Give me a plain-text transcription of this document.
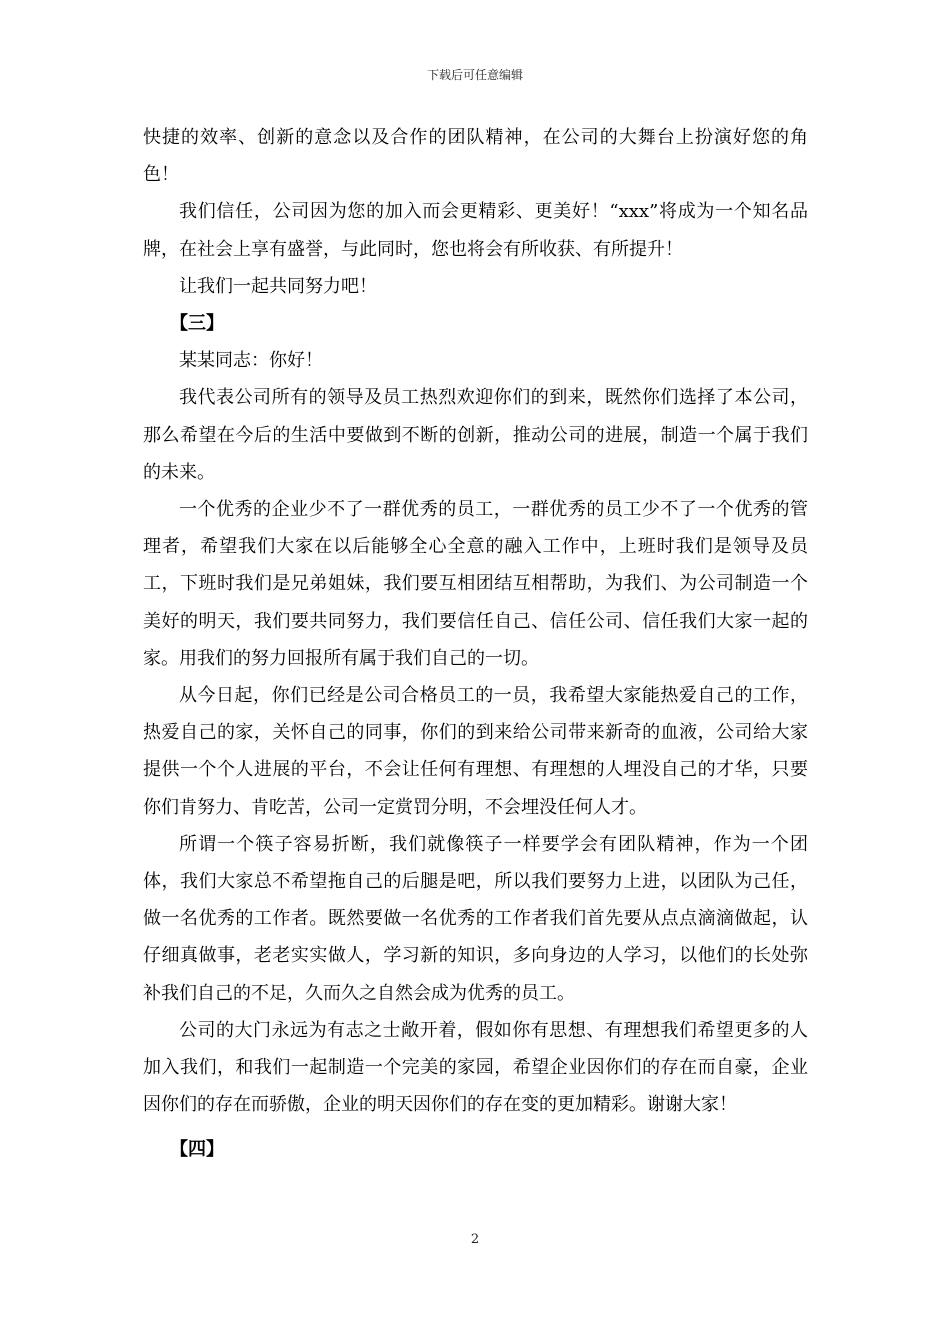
下载后可任意编辑

快捷的效率、创新的意念以及合作的团队精神，在公司的大舞台上扮演好您的角色！

我们信任，公司因为您的加入而会更精彩、更美好！“xxx”将成为一个知名品牌，在社会上享有盛誉，与此同时，您也将会有所收获、有所提升！

让我们一起共同努力吧！

【三】

某某同志：你好！

我代表公司所有的领导及员工热烈欢迎你们的到来，既然你们选择了本公司，那么希望在今后的生活中要做到不断的创新，推动公司的进展，制造一个属于我们的未来。

一个优秀的企业少不了一群优秀的员工，一群优秀的员工少不了一个优秀的管理者，希望我们大家在以后能够全心全意的融入工作中，上班时我们是领导及员工，下班时我们是兄弟姐妹，我们要互相团结互相帮助，为我们、为公司制造一个美好的明天，我们要共同努力，我们要信任自己、信任公司、信任我们大家一起的家。用我们的努力回报所有属于我们自己的一切。

从今日起，你们已经是公司合格员工的一员，我希望大家能热爱自己的工作，热爱自己的家，关怀自己的同事，你们的到来给公司带来新奇的血液，公司给大家提供一个个人进展的平台，不会让任何有理想、有理想的人埋没自己的才华，只要你们肯努力、肯吃苦，公司一定赏罚分明，不会埋没任何人才。

所谓一个筷子容易折断，我们就像筷子一样要学会有团队精神，作为一个团体，我们大家总不希望拖自己的后腿是吧，所以我们要努力上进，以团队为己任，做一名优秀的工作者。既然要做一名优秀的工作者我们首先要从点点滴滴做起，认仔细真做事，老老实实做人，学习新的知识，多向身边的人学习，以他们的长处弥补我们自己的不足，久而久之自然会成为优秀的员工。

公司的大门永远为有志之士敞开着，假如你有思想、有理想我们希望更多的人加入我们，和我们一起制造一个完美的家园，希望企业因你们的存在而自豪，企业因你们的存在而骄傲，企业的明天因你们的存在变的更加精彩。谢谢大家！

【四】

2
